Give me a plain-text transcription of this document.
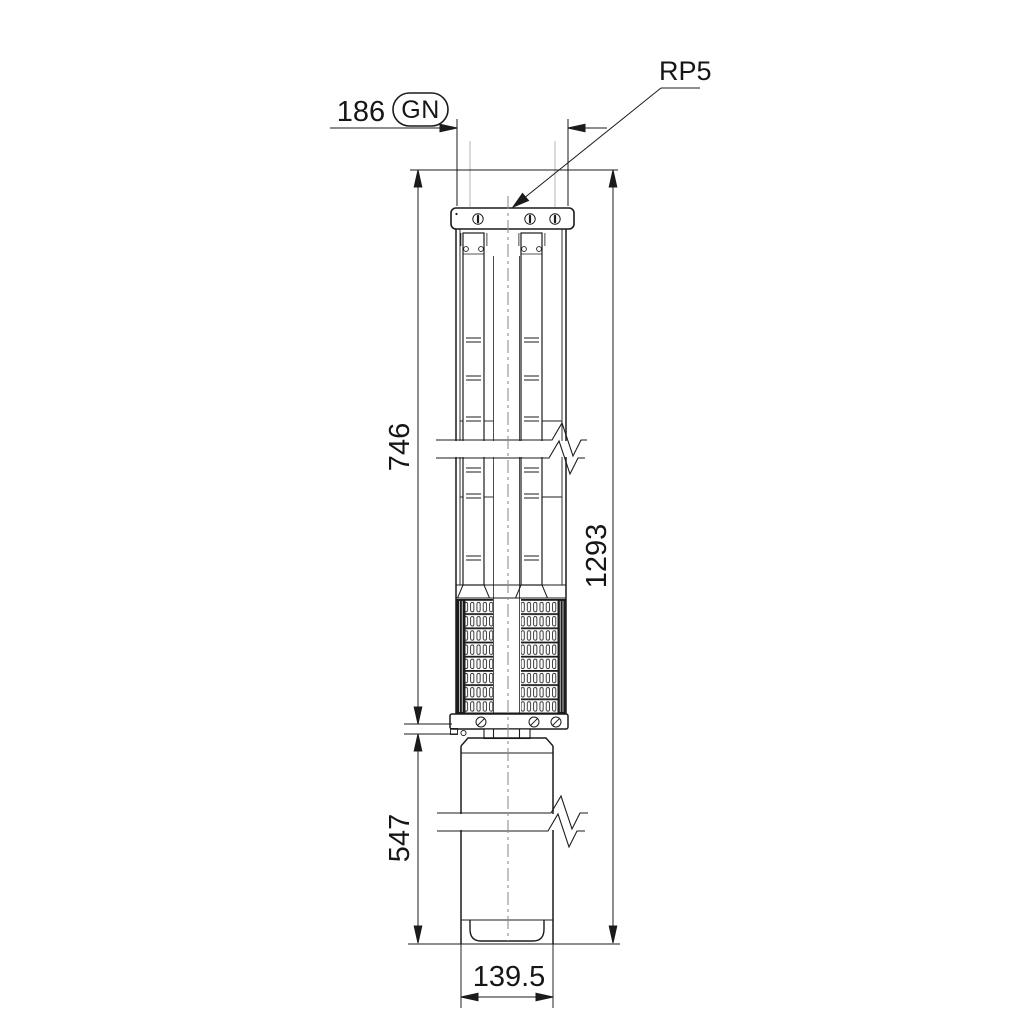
186 GN
RP5
746
547
1293
139.5
